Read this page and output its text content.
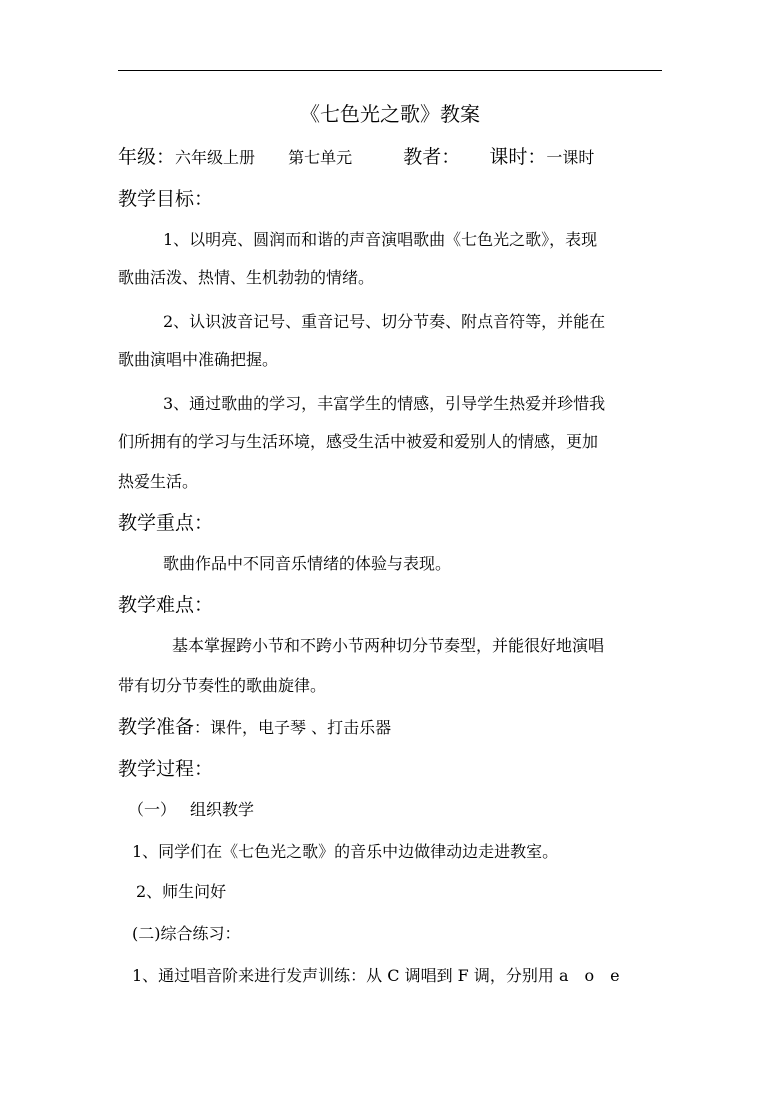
《七色光之歌》教案
年级：六年级上册 第七单元	教者： 课时：一课时
教学目标：
1、以明亮、圆润而和谐的声音演唱歌曲《七色光之歌》，表现
歌曲活泼、热情、生机勃勃的情绪。
2、认识波音记号、重音记号、切分节奏、附点音符等，并能在
歌曲演唱中准确把握。
3、通过歌曲的学习，丰富学生的情感，引导学生热爱并珍惜我
们所拥有的学习与生活环境，感受生活中被爱和爱别人的情感，更加
热爱生活。
教学重点：
歌曲作品中不同音乐情绪的体验与表现。
教学难点：
基本掌握跨小节和不跨小节两种切分节奏型，并能很好地演唱
带有切分节奏性的歌曲旋律。
教学准备：课件，电子琴 、打击乐器
教学过程：
（一） 组织教学
1、同学们在《七色光之歌》的音乐中边做律动边走进教室。
2、师生问好
(二)综合练习：
1、通过唱音阶来进行发声训练：从 C 调唱到 F 调，分别用 a　o　e
